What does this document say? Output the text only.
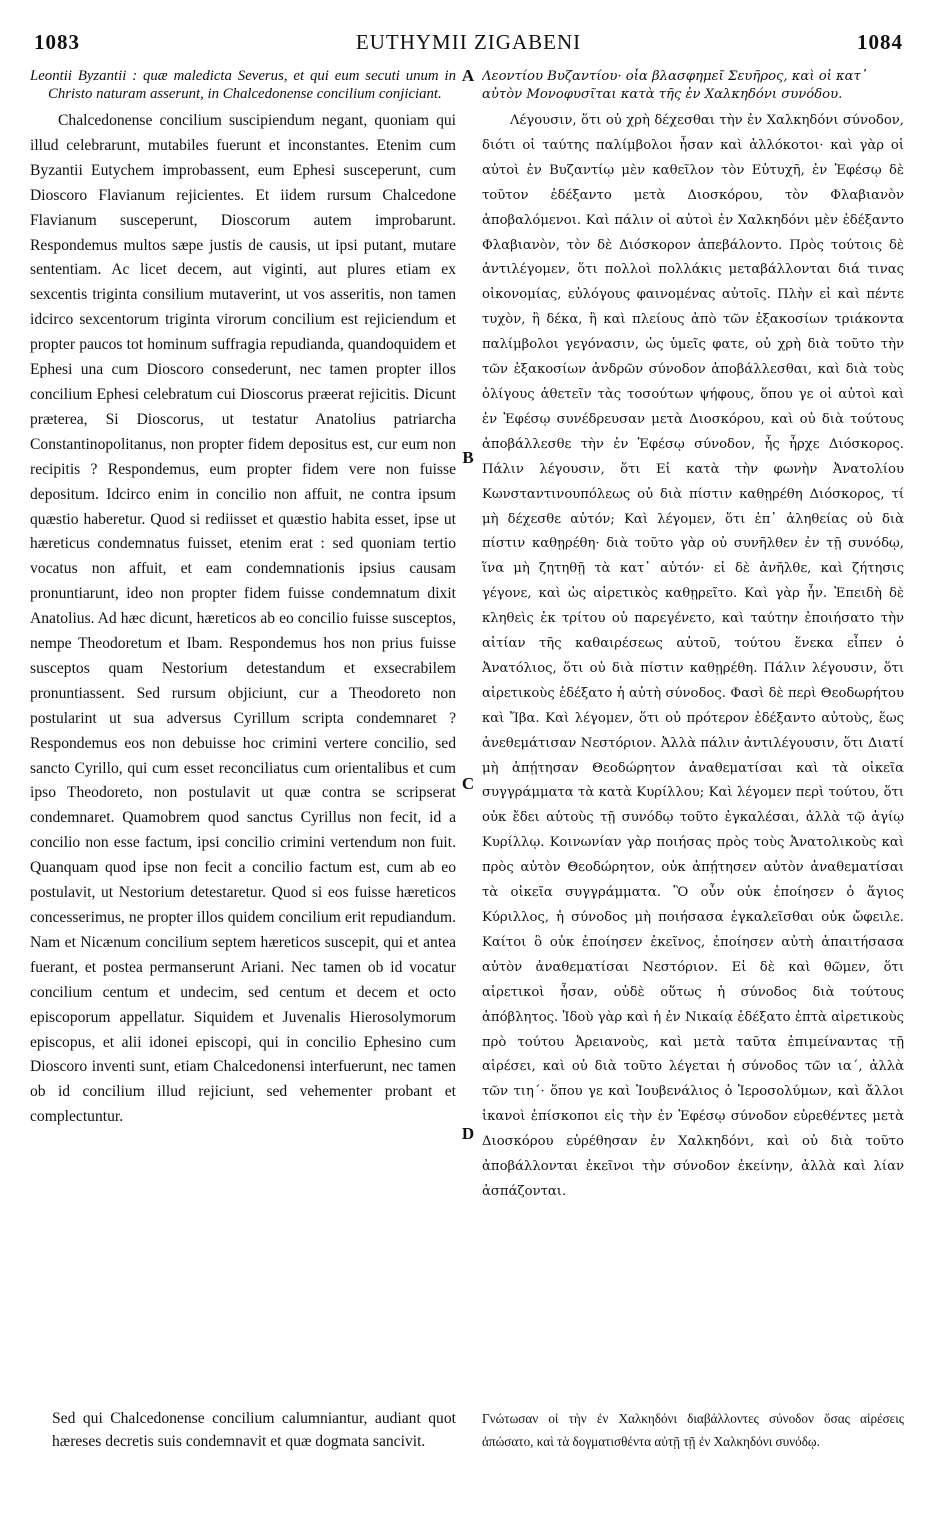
1083	EUTHYMII ZIGABENI	1084
Leontii Byzantii : quæ maledicta Severus, et qui eum secuti unum in Christo naturam asserunt, in Chalcedonense concilium conjiciant.

Chalcedonense concilium suscipiendum negant, quoniam qui illud celebrarunt, mutabiles fuerunt et inconstantes. Etenim cum Byzantii Eutychem improbassent, eum Ephesi susceperunt, cum Dioscoro Flavianum rejicientes. Et iidem rursum Chalcedone Flavianum susceperunt, Dioscorum autem improbarunt. Respondemus multos sæpe justis de causis, ut ipsi putant, mutare sententiam. Ac licet decem, aut viginti, aut plures etiam ex sexcentis triginta consilium mutaverint, ut vos asseritis, non tamen idcirco sexcentorum triginta virorum concilium est rejiciendum et propter paucos tot hominum suffragia repudianda, quandoquidem et Ephesi una cum Dioscoro consederunt, nec tamen propter illos concilium Ephesi celebratum cui Dioscorus præerat rejicitis. Dicunt præterea, Si Dioscorus, ut testatur Anatolius patriarcha Constantinopolitanus, non propter fidem depositus est, cur eum non recipitis ? Respondemus, eum propter fidem vere non fuisse depositum. Idcirco enim in concilio non affuit, ne contra ipsum quæstio haberetur. Quod si rediisset et quæstio habita esset, ipse ut hæreticus condemnatus fuisset, etenim erat : sed quoniam tertio vocatus non affuit, et eam condemnationis ipsius causam pronuntiarunt, ideo non propter fidem fuisse condemnatum dixit Anatolius. Ad hæc dicunt, hæreticos ab eo concilio fuisse susceptos, nempe Theodoretum et Ibam. Respondemus hos non prius fuisse susceptos quam Nestorium detestandum et exsecrabilem pronuntiassent. Sed rursum objiciunt, cur a Theodoreto non postularint ut sua adversus Cyrillum scripta condemnaret ? Respondemus eos non debuisse hoc crimini vertere concilio, sed sancto Cyrillo, qui cum esset reconciliatus cum orientalibus et cum ipso Theodoreto, non postulavit ut quæ contra se scripserat condemnaret. Quamobrem quod sanctus Cyrillus non fecit, id a concilio non esse factum, ipsi concilio crimini vertendum non fuit. Quanquam quod ipse non fecit a concilio factum est, cum ab eo postulavit, ut Nestorium detestaretur. Quod si eos fuisse hæreticos concesserimus, ne propter illos quidem concilium erit repudiandum. Nam et Nicænum concilium septem hæreticos suscepit, qui et antea fuerant, et postea permanserunt Ariani. Nec tamen ob id vocatur concilium centum et undecim, sed centum et decem et octo episcoporum appellatur. Siquidem et Juvenalis Hierosolymorum episcopus, et alii idonei episcopi, qui in concilio Ephesino cum Dioscoro inventi sunt, etiam Chalcedonensi interfuerunt, nec tamen ob id concilium illud rejiciunt, sed vehementer probant et complectuntur.

Λεοντίου Βυζαντίου· οἷα βλασφημεῖ Σευῆρος, καὶ οἱ κατ᾽ αὐτὸν Μονοφυσῖται κατὰ τῆς ἐν Χαλκηδόνι συνόδου.

Λέγουσιν, ὅτι οὐ χρὴ δέχεσθαι τὴν ἐν Χαλκηδόνι σύνοδον, διότι οἱ ταύτης παλίμβολοι ἦσαν καὶ ἀλλόκοτοι· καὶ γὰρ οἱ αὐτοὶ ἐν Βυζαντίῳ μὲν καθεῖλον τὸν Εὐτυχῆ, ἐν Ἐφέσῳ δὲ τοῦτον ἐδέξαντο μετὰ Διοσκόρου, τὸν Φλαβιανὸν ἀποβαλόμενοι. Καὶ πάλιν οἱ αὐτοὶ ἐν Χαλκηδόνι μὲν ἐδέξαντο Φλαβιανὸν, τὸν δὲ Διόσκορον ἀπεβάλοντο. Πρὸς τούτοις δὲ ἀντιλέγομεν, ὅτι πολλοὶ πολλάκις μεταβάλλονται διά τινας οἰκονομίας, εὐλόγους φαινομένας αὐτοῖς. Πλὴν εἰ καὶ πέντε τυχὸν, ἢ δέκα, ἢ καὶ πλείους ἀπὸ τῶν ἑξακοσίων τριάκοντα παλίμβολοι γεγόνασιν, ὡς ὑμεῖς φατε, οὐ χρὴ διὰ τοῦτο τὴν τῶν ἑξακοσίων ἀνδρῶν σύνοδον ἀποβάλλεσθαι, καὶ διὰ τοὺς ὀλίγους ἀθετεῖν τὰς τοσούτων ψήφους, ὅπου γε οἱ αὐτοὶ καὶ ἐν Ἐφέσῳ συνέδρευσαν μετὰ Διοσκόρου, καὶ οὐ διὰ τούτους ἀποβάλλεσθε τὴν ἐν Ἐφέσῳ σύνοδον, ἧς ἦρχε Διόσκορος. Πάλιν λέγουσιν, ὅτι Εἰ κατὰ τὴν φωνὴν Ἀνατολίου Κωνσταντινουπόλεως οὐ διὰ πίστιν καθῃρέθη Διόσκορος, τί μὴ δέχεσθε αὐτόν; Καὶ λέγομεν, ὅτι ἐπ᾽ ἀληθείας οὐ διὰ πίστιν καθῃρέθη· διὰ τοῦτο γὰρ οὐ συνῆλθεν ἐν τῇ συνόδῳ, ἵνα μὴ ζητηθῇ τὰ κατ᾽ αὐτόν· εἰ δὲ ἀνῆλθε, καὶ ζήτησις γέγονε, καὶ ὡς αἱρετικὸς καθῃρεῖτο. Καὶ γὰρ ἦν. Ἐπειδὴ δὲ κληθεὶς ἐκ τρίτου οὐ παρεγένετο, καὶ ταύτην ἐποιήσατο τὴν αἰτίαν τῆς καθαιρέσεως αὐτοῦ, τούτου ἕνεκα εἶπεν ὁ Ἀνατόλιος, ὅτι οὐ διὰ πίστιν καθῃρέθη. Πάλιν λέγουσιν, ὅτι αἱρετικοὺς ἐδέξατο ἡ αὐτὴ σύνοδος. Φασὶ δὲ περὶ Θεοδωρήτου καὶ Ἴβα. Καὶ λέγομεν, ὅτι οὐ πρότερον ἐδέξαντο αὐτοὺς, ἕως ἀνεθεμάτισαν Νεστόριον. Ἀλλὰ πάλιν ἀντιλέγουσιν, ὅτι Διατί μὴ ἀπῄτησαν Θεοδώρητον ἀναθεματίσαι καὶ τὰ οἰκεῖα συγγράμματα τὰ κατὰ Κυρίλλου; Καὶ λέγομεν περὶ τούτου, ὅτι οὐκ ἔδει αὐτοὺς τῇ συνόδῳ τοῦτο ἐγκαλέσαι, ἀλλὰ τῷ ἁγίῳ Κυρίλλῳ. Κοινωνίαν γὰρ ποιήσας πρὸς τοὺς Ἀνατολικοὺς καὶ πρὸς αὐτὸν Θεοδώρητον, οὐκ ἀπῄτησεν αὐτὸν ἀναθεματίσαι τὰ οἰκεῖα συγγράμματα. Ὃ οὖν οὐκ ἐποίησεν ὁ ἅγιος Κύριλλος, ἡ σύνοδος μὴ ποιήσασα ἐγκαλεῖσθαι οὐκ ὤφειλε. Καίτοι ὃ οὐκ ἐποίησεν ἐκεῖνος, ἐποίησεν αὐτὴ ἀπαιτήσασα αὐτὸν ἀναθεματίσαι Νεστόριον. Εἰ δὲ καὶ θῶμεν, ὅτι αἱρετικοὶ ἦσαν, οὐδὲ οὕτως ἡ σύνοδος διὰ τούτους ἀπόβλητος. Ἰδοὺ γὰρ καὶ ἡ ἐν Νικαίᾳ ἐδέξατο ἑπτὰ αἱρετικοὺς πρὸ τούτου Ἀρειανοὺς, καὶ μετὰ ταῦτα ἐπιμείναντας τῇ αἱρέσει, καὶ οὐ διὰ τοῦτο λέγεται ἡ σύνοδος τῶν ια´, ἀλλὰ τῶν τιη´· ὅπου γε καὶ Ἰουβενάλιος ὁ Ἱεροσολύμων, καὶ ἄλλοι ἱκανοὶ ἐπίσκοποι εἰς τὴν ἐν Ἐφέσῳ σύνοδον εὑρεθέντες μετὰ Διοσκόρου εὑρέθησαν ἐν Χαλκηδόνι, καὶ οὐ διὰ τοῦτο ἀποβάλλονται ἐκεῖνοι τὴν σύνοδον ἐκείνην, ἀλλὰ καὶ λίαν ἀσπάζονται.

A
B
C
D
Sed qui Chalcedonense concilium calumniantur, audiant quot hæreses decretis suis condemnavit et quæ dogmata sancivit.
Γνώτωσαν οἱ τὴν ἐν Χαλκηδόνι διαβάλλοντες σύνοδον ὅσας αἱρέσεις ἀπώσατο, καὶ τὰ δογματισθέντα αὐτῇ τῇ ἐν Χαλκηδόνι συνόδῳ.
